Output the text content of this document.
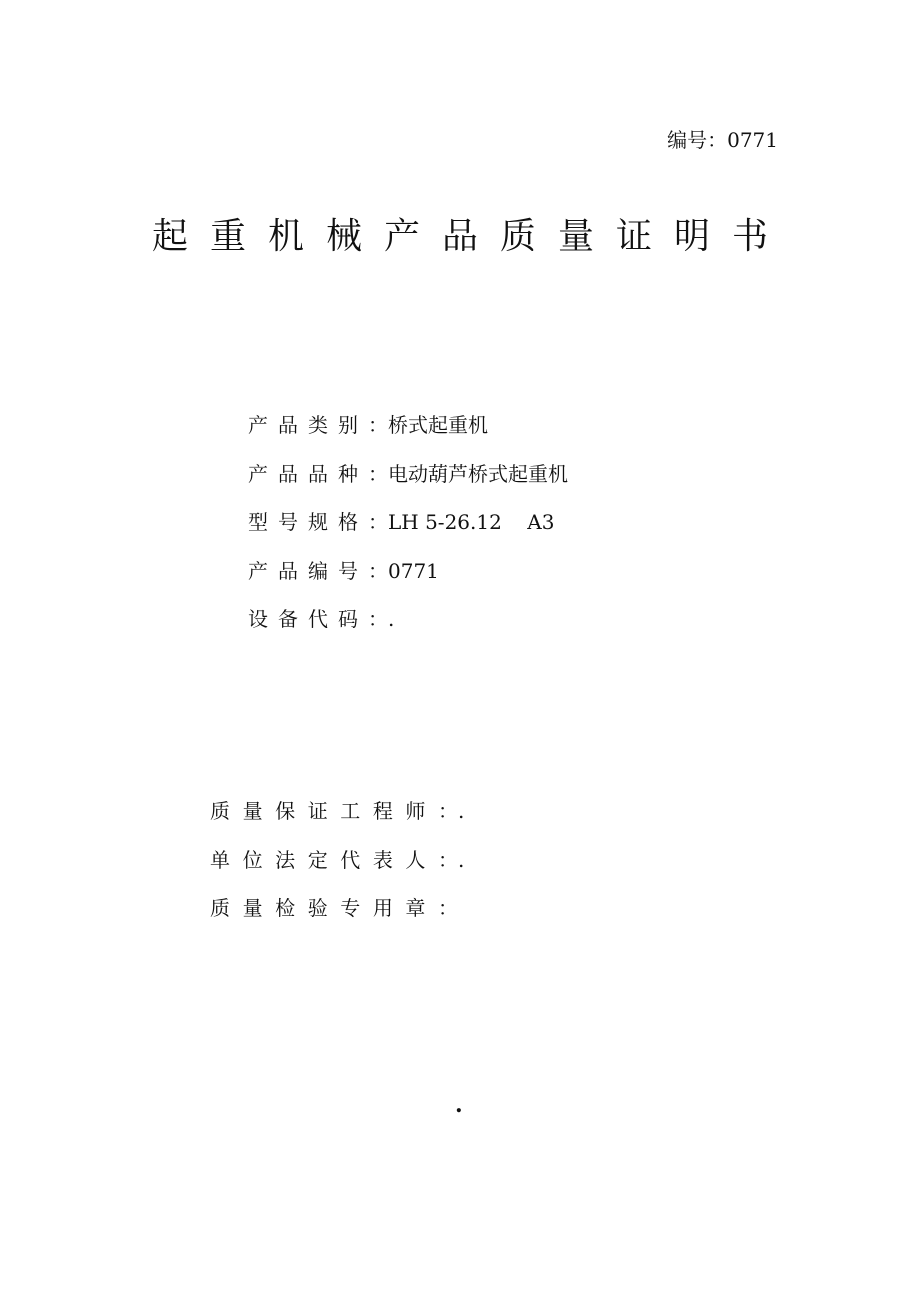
编号：0771
起重机械产品质量证明书
产品类别：桥式起重机
产品品种：电动葫芦桥式起重机
型号规格：LH 5-26.12    A3
产品编号：0771
设备代码：.
质量保证工程师：.
单位法定代表人：.
质量检验专用章：
.
